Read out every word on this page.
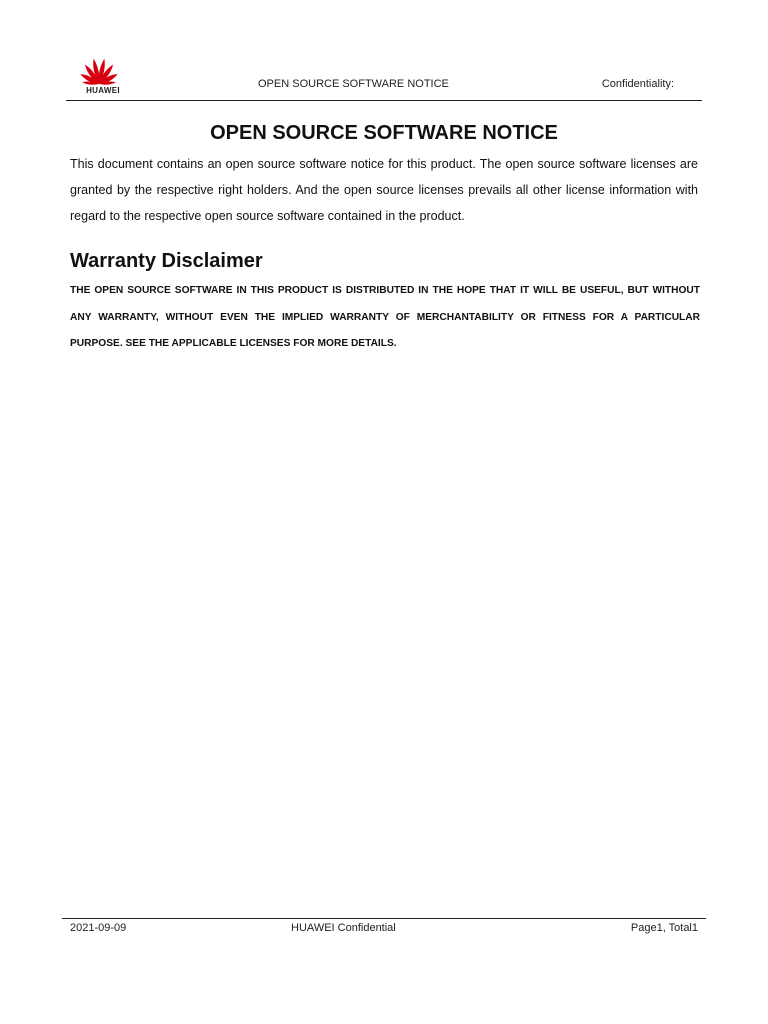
HUAWEI
OPEN SOURCE SOFTWARE NOTICE	Confidentiality:
OPEN SOURCE SOFTWARE NOTICE

This document contains an open source software notice for this product. The open source software licenses are granted by the respective right holders. And the open source licenses prevails all other license information with regard to the respective open source software contained in the product.

Warranty Disclaimer

THE OPEN SOURCE SOFTWARE IN THIS PRODUCT IS DISTRIBUTED IN THE HOPE THAT IT WILL BE USEFUL, BUT WITHOUT ANY WARRANTY, WITHOUT EVEN THE IMPLIED WARRANTY OF MERCHANTABILITY OR FITNESS FOR A PARTICULAR PURPOSE. SEE THE APPLICABLE LICENSES FOR MORE DETAILS.

2021-09-09	HUAWEI Confidential	Page1, Total1
